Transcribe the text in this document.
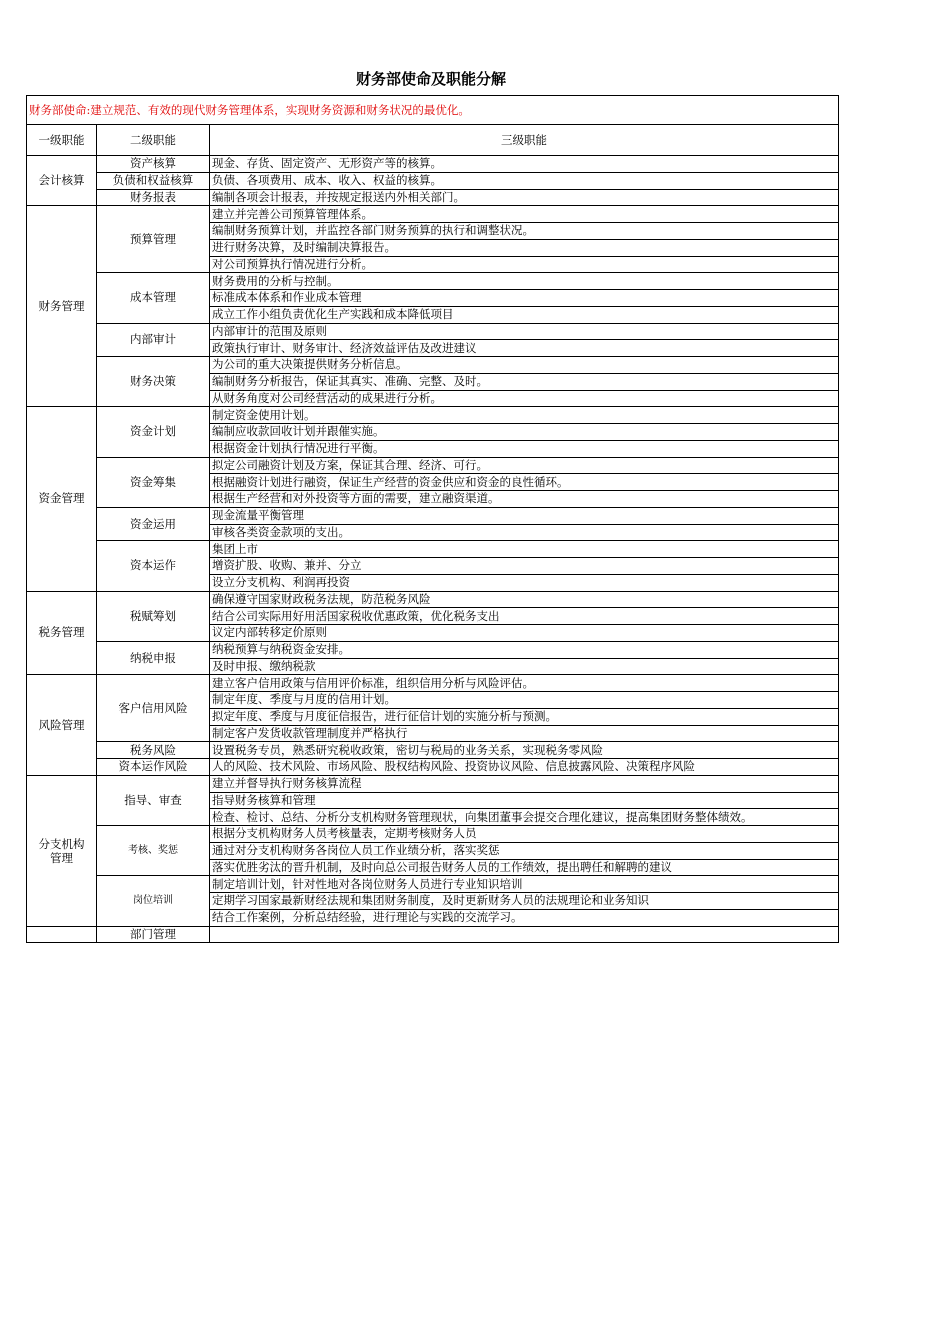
财务部使命及职能分解
财务部使命:建立规范、有效的现代财务管理体系，实现财务资源和财务状况的最优化。		
一级职能	二级职能	三级职能
会计核算	资产核算	现金、存货、固定资产、无形资产等的核算。
	负债和权益核算	负债、各项费用、成本、收入、权益的核算。
	财务报表	编制各项会计报表，并按规定报送内外相关部门。
财务管理	预算管理	建立并完善公司预算管理体系。
		编制财务预算计划，并监控各部门财务预算的执行和调整状况。
		进行财务决算，及时编制决算报告。
		对公司预算执行情况进行分析。
	成本管理	财务费用的分析与控制。
		标准成本体系和作业成本管理
		成立工作小组负责优化生产实践和成本降低项目
	内部审计	内部审计的范围及原则
		政策执行审计、财务审计、经济效益评估及改进建议
	财务决策	为公司的重大决策提供财务分析信息。
		编制财务分析报告，保证其真实、准确、完整、及时。
		从财务角度对公司经营活动的成果进行分析。
资金管理	资金计划	制定资金使用计划。
		编制应收款回收计划并跟催实施。
		根据资金计划执行情况进行平衡。
	资金筹集	拟定公司融资计划及方案，保证其合理、经济、可行。
		根据融资计划进行融资，保证生产经营的资金供应和资金的良性循环。
		根据生产经营和对外投资等方面的需要，建立融资渠道。
	资金运用	现金流量平衡管理
		审核各类资金款项的支出。
	资本运作	集团上市
		增资扩股、收购、兼并、分立
		设立分支机构、利润再投资
税务管理	税赋筹划	确保遵守国家财政税务法规，防范税务风险
		结合公司实际用好用活国家税收优惠政策，优化税务支出
		议定内部转移定价原则
	纳税申报	纳税预算与纳税资金安排。
		及时申报、缴纳税款
风险管理	客户信用风险	建立客户信用政策与信用评价标准，组织信用分析与风险评估。
		制定年度、季度与月度的信用计划。
		拟定年度、季度与月度征信报告，进行征信计划的实施分析与预测。
		制定客户发货收款管理制度并严格执行
	税务风险	设置税务专员，熟悉研究税收政策，密切与税局的业务关系，实现税务零风险
	资本运作风险	人的风险、技术风险、市场风险、股权结构风险、投资协议风险、信息披露风险、决策程序风险
分支机构管理	指导、审查	建立并督导执行财务核算流程
		指导财务核算和管理
		检查、检讨、总结、分析分支机构财务管理现状，向集团董事会提交合理化建议，提高集团财务整体绩效。
	考核、奖惩	根据分支机构财务人员考核量表，定期考核财务人员
		通过对分支机构财务各岗位人员工作业绩分析，落实奖惩
		落实优胜劣汰的晋升机制，及时向总公司报告财务人员的工作绩效，提出聘任和解聘的建议
	岗位培训	制定培训计划，针对性地对各岗位财务人员进行专业知识培训
		定期学习国家最新财经法规和集团财务制度，及时更新财务人员的法规理论和业务知识
		结合工作案例，分析总结经验，进行理论与实践的交流学习。
	部门管理	
